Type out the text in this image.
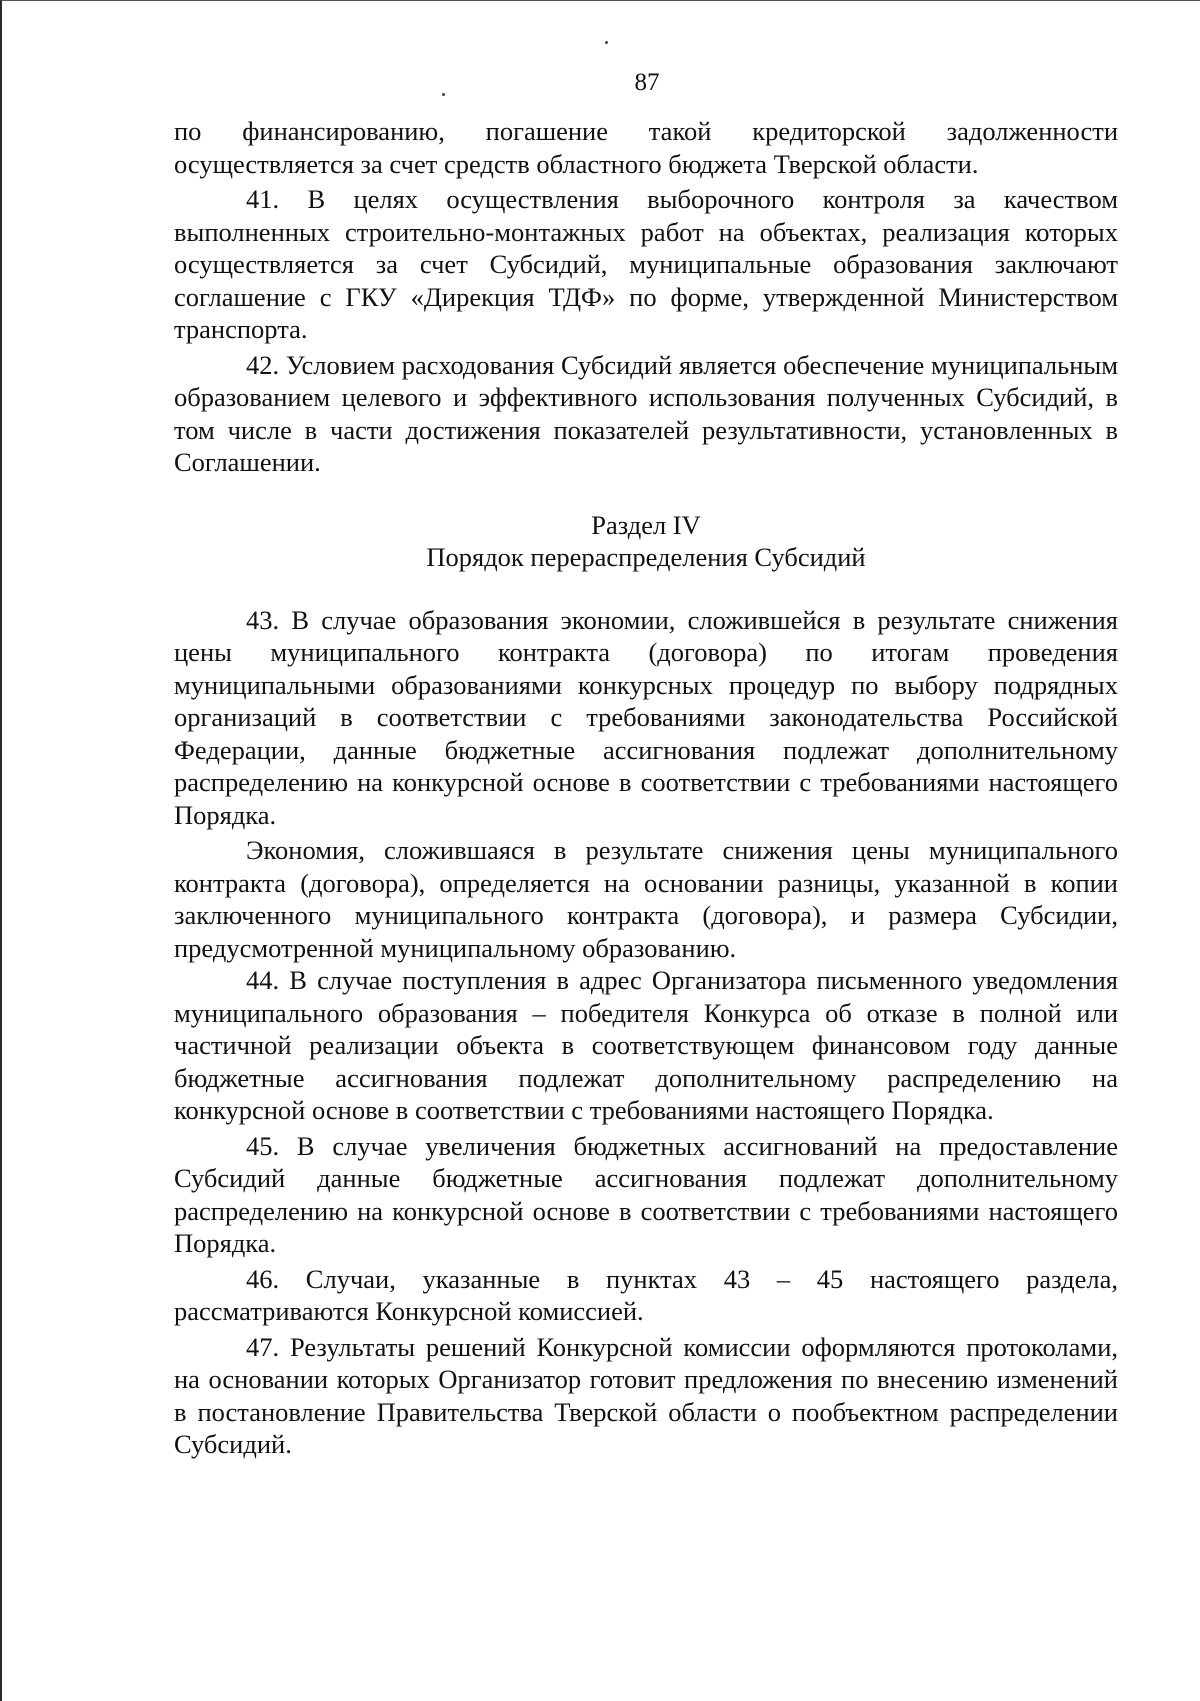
87

по финансированию, погашение такой кредиторской задолженности осуществляется за счет средств областного бюджета Тверской области.

41. В целях осуществления выборочного контроля за качеством выполненных строительно-монтажных работ на объектах, реализация которых осуществляется за счет Субсидий, муниципальные образования заключают соглашение с ГКУ «Дирекция ТДФ» по форме, утвержденной Министерством транспорта.

42. Условием расходования Субсидий является обеспечение муниципальным образованием целевого и эффективного использования полученных Субсидий, в том числе в части достижения показателей результативности, установленных в Соглашении.

Раздел IV

Порядок перераспределения Субсидий

43. В случае образования экономии, сложившейся в результате снижения цены муниципального контракта (договора) по итогам проведения муниципальными образованиями конкурсных процедур по выбору подрядных организаций в соответствии с требованиями законодательства Российской Федерации, данные бюджетные ассигнования подлежат дополнительному распределению на конкурсной основе в соответствии с требованиями настоящего Порядка.

Экономия, сложившаяся в результате снижения цены муниципального контракта (договора), определяется на основании разницы, указанной в копии заключенного муниципального контракта (договора), и размера Субсидии, предусмотренной муниципальному образованию.

44. В случае поступления в адрес Организатора письменного уведомления муниципального образования – победителя Конкурса об отказе в полной или частичной реализации объекта в соответствующем финансовом году данные бюджетные ассигнования подлежат дополнительному распределению на конкурсной основе в соответствии с требованиями настоящего Порядка.

45. В случае увеличения бюджетных ассигнований на предоставление Субсидий данные бюджетные ассигнования подлежат дополнительному распределению на конкурсной основе в соответствии с требованиями настоящего Порядка.

46. Случаи, указанные в пунктах 43 – 45 настоящего раздела, рассматриваются Конкурсной комиссией.

47. Результаты решений Конкурсной комиссии оформляются протоколами, на основании которых Организатор готовит предложения по внесению изменений в постановление Правительства Тверской области о пообъектном распределении Субсидий.
